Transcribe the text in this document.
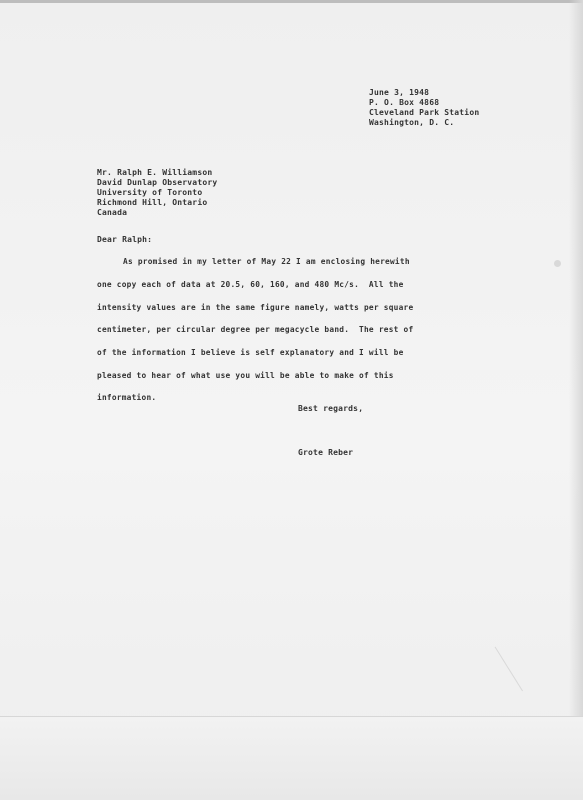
June 3, 1948
P. O. Box 4868
Cleveland Park Station
Washington, D. C.
Mr. Ralph E. Williamson
David Dunlap Observatory
University of Toronto
Richmond Hill, Ontario
Canada
Dear Ralph:
As promised in my letter of May 22 I am enclosing herewith
one copy each of data at 20.5, 60, 160, and 480 Mc/s.  All the
intensity values are in the same figure namely, watts per square
centimeter, per circular degree per megacycle band.  The rest of
of the information I believe is self explanatory and I will be
pleased to hear of what use you will be able to make of this
information.
Best regards,
Grote Reber
